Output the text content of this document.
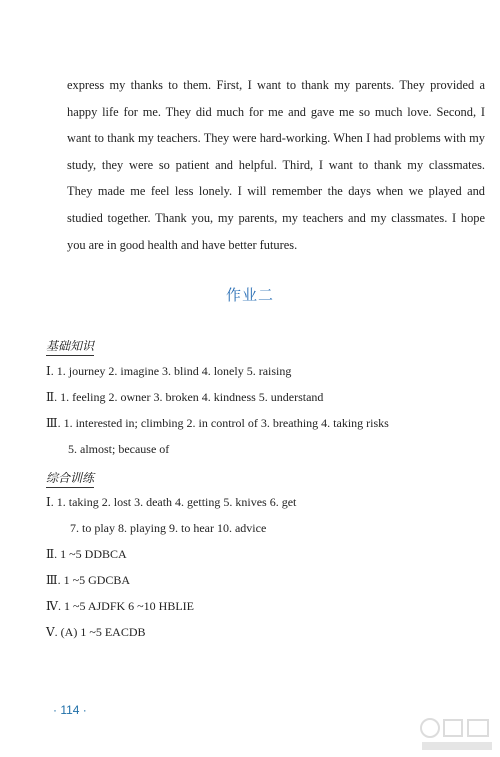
express my thanks to them. First, I want to thank my parents. They provided a
happy life for me. They did much for me and gave me so much love. Second, I
want to thank my teachers. They were hard-working. When I had problems with my
study, they were so patient and helpful. Third, I want to thank my classmates.
They made me feel less lonely. I will remember the days when we played and
studied together. Thank you, my parents, my teachers and my classmates. I hope
you are in good health and have better futures.
作业二
基础知识
Ⅰ. 1. journey 2. imagine 3. blind 4. lonely 5. raising
Ⅱ. 1. feeling 2. owner 3. broken 4. kindness 5. understand
Ⅲ. 1. interested in; climbing 2. in control of 3. breathing 4. taking risks
5. almost; because of
综合训练
Ⅰ. 1. taking 2. lost 3. death 4. getting 5. knives 6. get
7. to play 8. playing 9. to hear 10. advice
Ⅱ. 1 ~5 DDBCA
Ⅲ. 1 ~5 GDCBA
Ⅳ. 1 ~5 AJDFK 6 ~10 HBLIE
Ⅴ. (A) 1 ~5 EACDB
· 114 ·
